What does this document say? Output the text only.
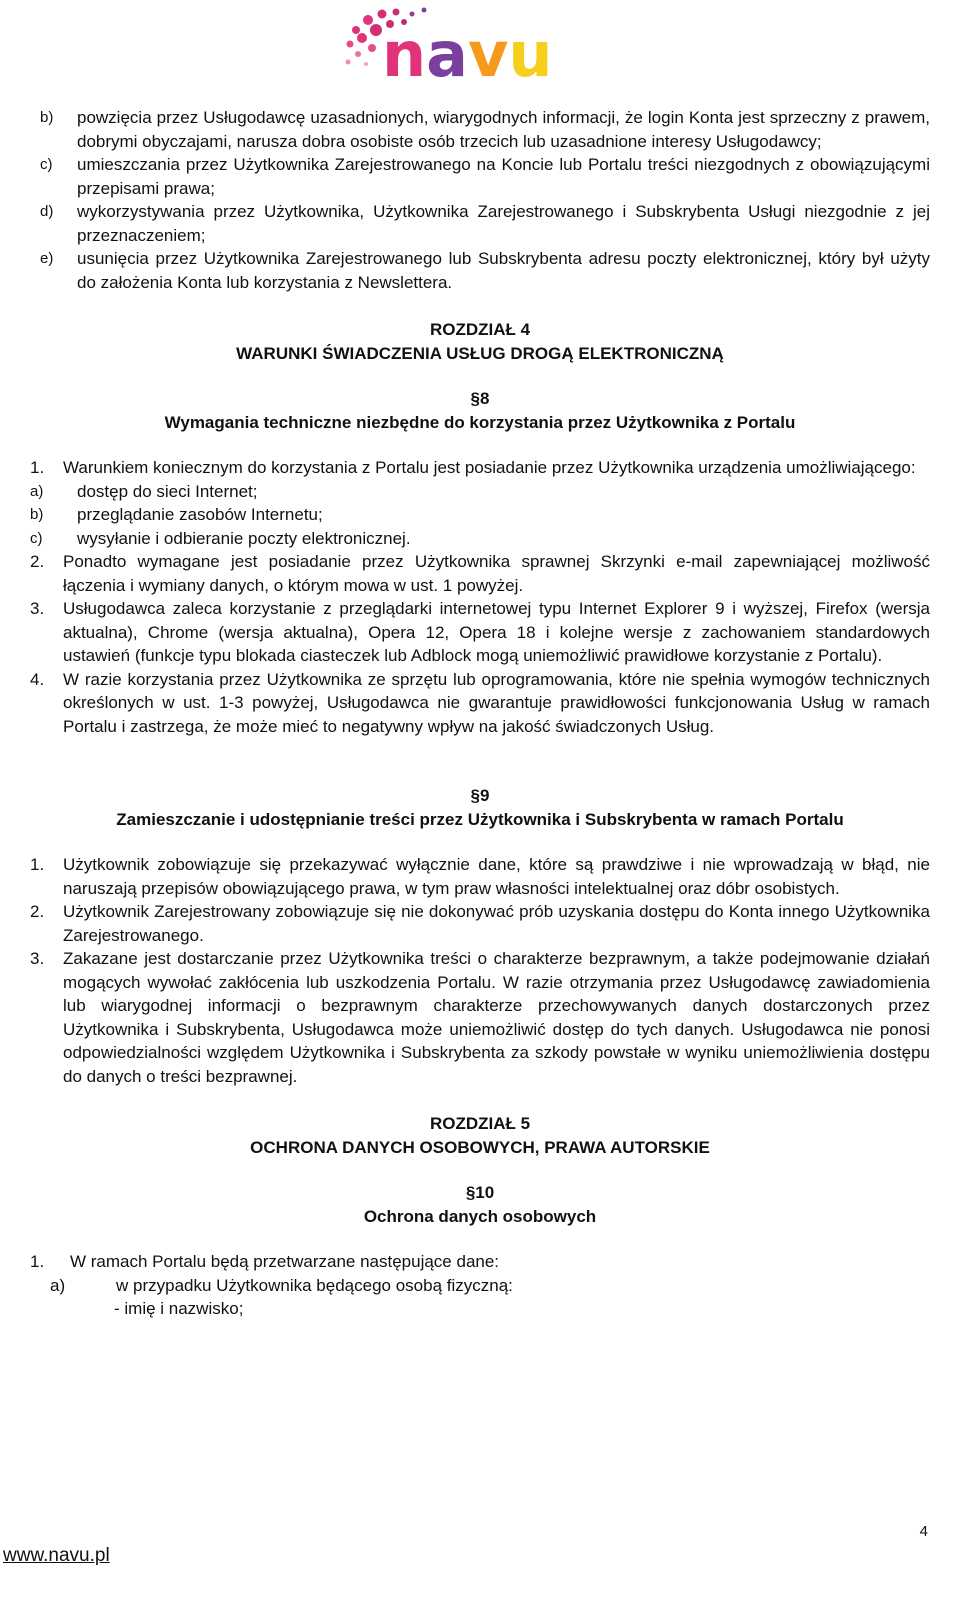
navu
b) powzięcia przez Usługodawcę uzasadnionych, wiarygodnych informacji, że login Konta jest sprzeczny z prawem, dobrymi obyczajami, narusza dobra osobiste osób trzecich lub uzasadnione interesy Usługodawcy;
c) umieszczania przez Użytkownika Zarejestrowanego na Koncie lub Portalu treści niezgodnych z obowiązującymi przepisami prawa;
d) wykorzystywania przez Użytkownika, Użytkownika Zarejestrowanego i Subskrybenta Usługi niezgodnie z jej przeznaczeniem;
e) usunięcia przez Użytkownika Zarejestrowanego lub Subskrybenta adresu poczty elektronicznej, który był użyty do założenia Konta lub korzystania z Newslettera.
ROZDZIAŁ 4
WARUNKI ŚWIADCZENIA USŁUG DROGĄ ELEKTRONICZNĄ
§8
Wymagania techniczne niezbędne do korzystania przez Użytkownika z Portalu
1. Warunkiem koniecznym do korzystania z Portalu jest posiadanie przez Użytkownika urządzenia umożliwiającego:
a)	dostęp do sieci Internet;
b)	przeglądanie zasobów Internetu;
c)	wysyłanie i odbieranie poczty elektronicznej.
2. Ponadto wymagane jest posiadanie przez Użytkownika sprawnej Skrzynki e-mail zapewniającej możliwość łączenia i wymiany danych, o którym mowa w ust. 1 powyżej.
3. Usługodawca zaleca korzystanie z przeglądarki internetowej typu Internet Explorer 9 i wyższej, Firefox (wersja aktualna), Chrome (wersja aktualna), Opera 12, Opera 18 i kolejne wersje z zachowaniem standardowych ustawień (funkcje typu blokada ciasteczek lub Adblock mogą uniemożliwić prawidłowe korzystanie z Portalu).
4. W razie korzystania przez Użytkownika ze sprzętu lub oprogramowania, które nie spełnia wymogów technicznych określonych w ust. 1-3 powyżej, Usługodawca nie gwarantuje prawidłowości funkcjonowania Usług w ramach Portalu i zastrzega, że może mieć to negatywny wpływ na jakość świadczonych Usług.
§9
Zamieszczanie i udostępnianie treści przez Użytkownika i Subskrybenta w ramach Portalu
1. Użytkownik zobowiązuje się przekazywać wyłącznie dane, które są prawdziwe i nie wprowadzają w błąd, nie naruszają przepisów obowiązującego prawa, w tym praw własności intelektualnej oraz dóbr osobistych.
2. Użytkownik Zarejestrowany zobowiązuje się nie dokonywać prób uzyskania dostępu do Konta innego Użytkownika Zarejestrowanego.
3. Zakazane jest dostarczanie przez Użytkownika treści o charakterze bezprawnym, a także podejmowanie działań mogących wywołać zakłócenia lub uszkodzenia Portalu. W razie otrzymania przez Usługodawcę zawiadomienia lub wiarygodnej informacji o bezprawnym charakterze przechowywanych danych dostarczonych przez Użytkownika i Subskrybenta, Usługodawca może uniemożliwić dostęp do tych danych. Usługodawca nie ponosi odpowiedzialności względem Użytkownika i Subskrybenta za szkody powstałe w wyniku uniemożliwienia dostępu do danych o treści bezprawnej.
ROZDZIAŁ 5
OCHRONA DANYCH OSOBOWYCH, PRAWA AUTORSKIE
§10
Ochrona danych osobowych
1. W ramach Portalu będą przetwarzane następujące dane:
a)	w przypadku Użytkownika będącego osobą fizyczną:
- imię i nazwisko;
4
www.navu.pl
